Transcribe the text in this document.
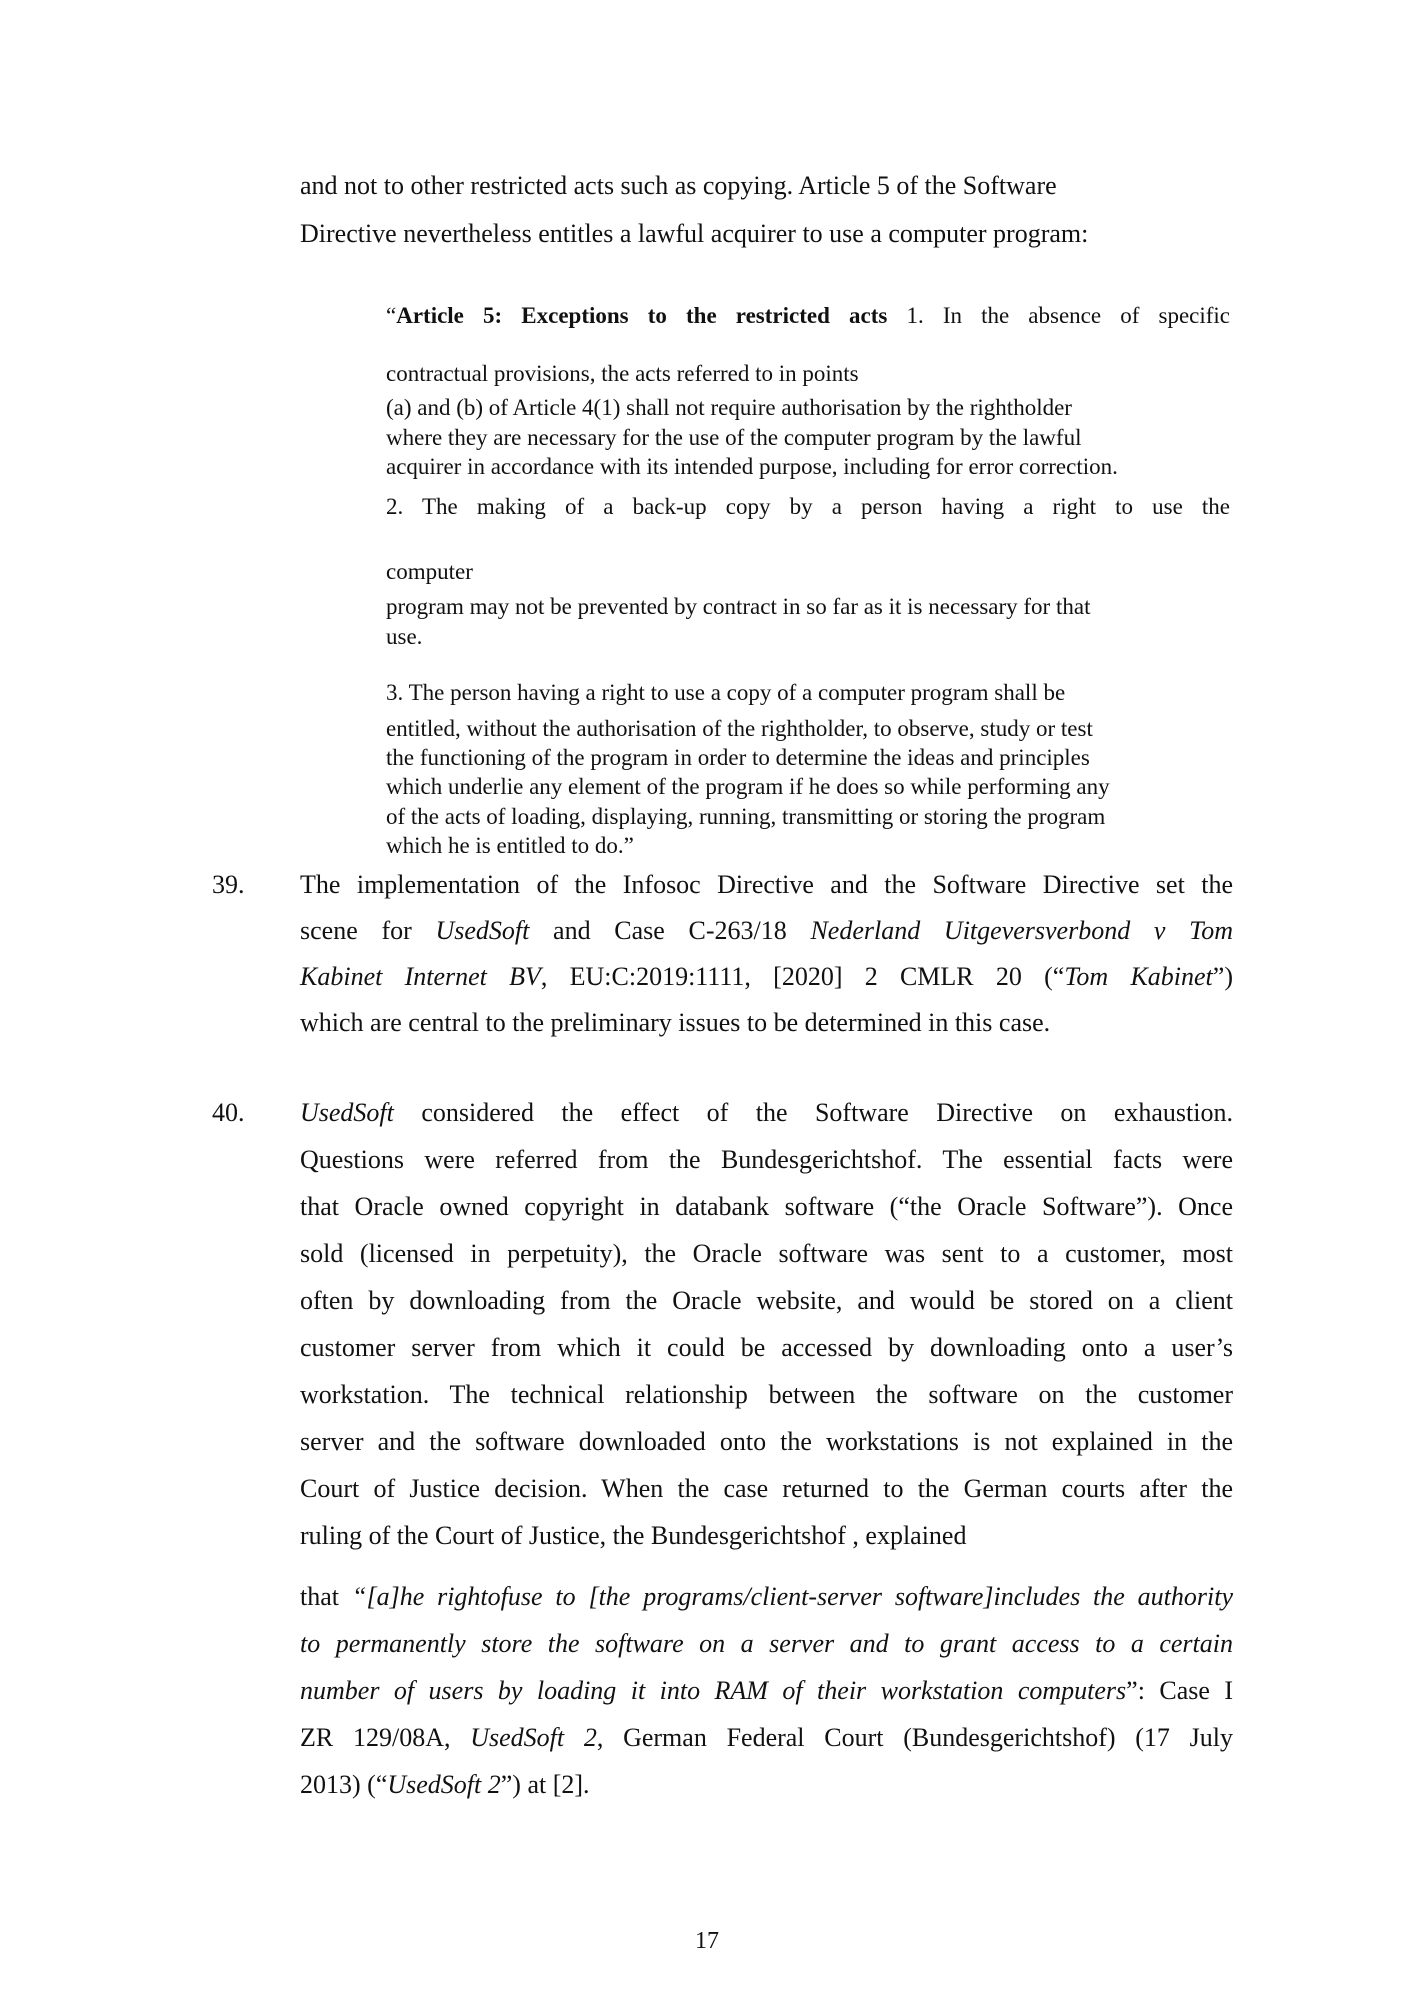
and not to other restricted acts such as copying. Article 5 of the Software
Directive nevertheless entitles a lawful acquirer to use a computer program:
“Article 5: Exceptions to the restricted acts 1. In the absence of specific
contractual provisions, the acts referred to in points
(a) and (b) of Article 4(1) shall not require authorisation by the rightholder
where they are necessary for the use of the computer program by the lawful
acquirer in accordance with its intended purpose, including for error correction.
2. The making of a back-up copy by a person having a right to use the
computer
program may not be prevented by contract in so far as it is necessary for that
use.
3. The person having a right to use a copy of a computer program shall be
entitled, without the authorisation of the rightholder, to observe, study or test
the functioning of the program in order to determine the ideas and principles
which underlie any element of the program if he does so while performing any
of the acts of loading, displaying, running, transmitting or storing the program
which he is entitled to do.”
39. The implementation of the Infosoc Directive and the Software Directive set the
scene for UsedSoft and Case C-263/18 Nederland Uitgeversverbond v Tom
Kabinet Internet BV, EU:C:2019:1111, [2020] 2 CMLR 20 (“Tom Kabinet”)
which are central to the preliminary issues to be determined in this case.
40. UsedSoft considered the effect of the Software Directive on exhaustion.
Questions were referred from the Bundesgerichtshof. The essential facts were
that Oracle owned copyright in databank software (“the Oracle Software”). Once
sold (licensed in perpetuity), the Oracle software was sent to a customer, most
often by downloading from the Oracle website, and would be stored on a client
customer server from which it could be accessed by downloading onto a user’s
workstation. The technical relationship between the software on the customer
server and the software downloaded onto the workstations is not explained in the
Court of Justice decision. When the case returned to the German courts after the
ruling of the Court of Justice, the Bundesgerichtshof , explained
that “[a]he rightofuse to [the programs/client-server software]includes the authority
to permanently store the software on a server and to grant access to a certain
number of users by loading it into RAM of their workstation computers”: Case I
ZR 129/08A, UsedSoft 2, German Federal Court (Bundesgerichtshof) (17 July
2013) (“UsedSoft 2”) at [2].
17
